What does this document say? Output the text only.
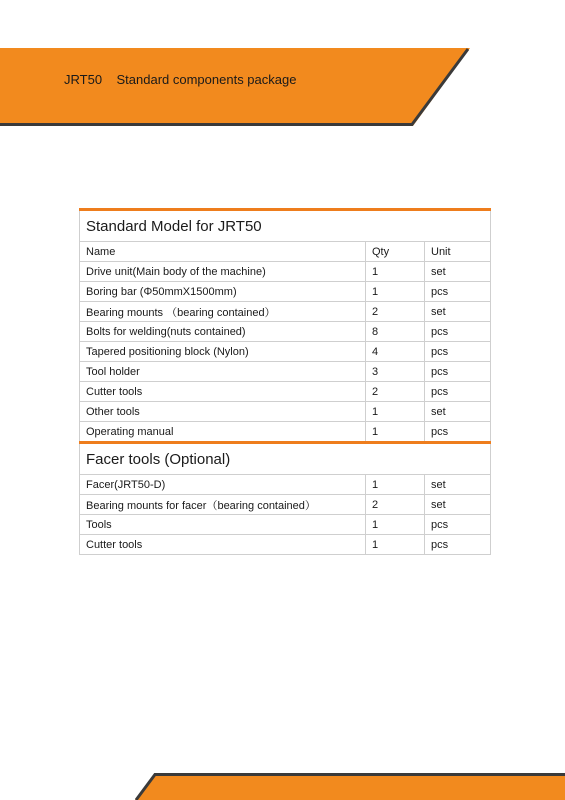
JRT50    Standard components package
Standard Model for JRT50		
Name	Qty	Unit
Drive unit(Main body of the machine)	1	set
Boring bar (Φ50mmX1500mm)	1	pcs
Bearing mounts （bearing contained）	2	set
Bolts for welding(nuts contained)	8	pcs
Tapered positioning block (Nylon)	4	pcs
Tool holder	3	pcs
Cutter tools	2	pcs
Other tools	1	set
Operating manual	1	pcs
Facer tools (Optional)		
Facer(JRT50-D)	1	set
Bearing mounts for facer（bearing contained）	2	set
Tools	1	pcs
Cutter tools	1	pcs
